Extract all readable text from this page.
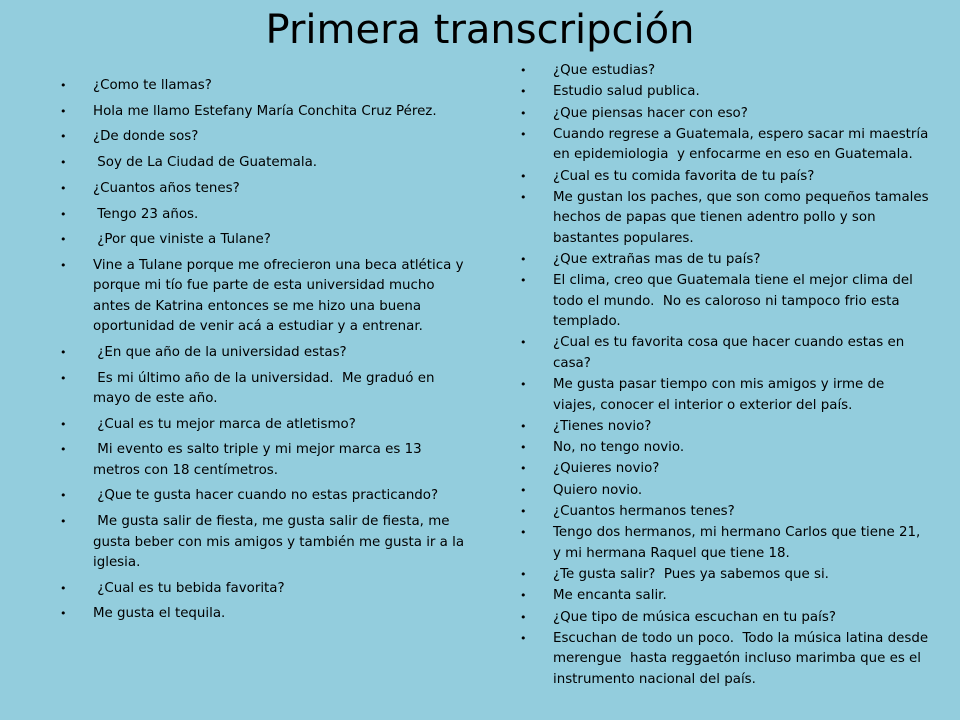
Primera transcripción
• ¿Como te llamas?
• Hola me llamo Estefany María Conchita Cruz Pérez.
• ¿De donde sos?
• Soy de La Ciudad de Guatemala.
• ¿Cuantos años tenes?
• Tengo 23 años.
• ¿Por que viniste a Tulane?
• Vine a Tulane porque me ofrecieron una beca atlética y porque mi tío fue parte de esta universidad mucho antes de Katrina entonces se me hizo una buena oportunidad de venir acá a estudiar y a entrenar.
• ¿En que año de la universidad estas?
• Es mi último año de la universidad.  Me graduó en mayo de este año.
• ¿Cual es tu mejor marca de atletismo?
• Mi evento es salto triple y mi mejor marca es 13 metros con 18 centímetros.
• ¿Que te gusta hacer cuando no estas practicando?
• Me gusta salir de fiesta, me gusta salir de fiesta, me gusta beber con mis amigos y también me gusta ir a la iglesia.
• ¿Cual es tu bebida favorita?
• Me gusta el tequila.
• ¿Que estudias?
• Estudio salud publica.
• ¿Que piensas hacer con eso?
• Cuando regrese a Guatemala, espero sacar mi maestría en epidemiologia  y enfocarme en eso en Guatemala.
• ¿Cual es tu comida favorita de tu país?
• Me gustan los paches, que son como pequeños tamales hechos de papas que tienen adentro pollo y son bastantes populares.
• ¿Que extrañas mas de tu país?
• El clima, creo que Guatemala tiene el mejor clima del todo el mundo.  No es caloroso ni tampoco frio esta templado.
• ¿Cual es tu favorita cosa que hacer cuando estas en casa?
• Me gusta pasar tiempo con mis amigos y irme de viajes, conocer el interior o exterior del país.
• ¿Tienes novio?
• No, no tengo novio.
• ¿Quieres novio?
• Quiero novio.
• ¿Cuantos hermanos tenes?
• Tengo dos hermanos, mi hermano Carlos que tiene 21, y mi hermana Raquel que tiene 18.
• ¿Te gusta salir?  Pues ya sabemos que si.
• Me encanta salir.
• ¿Que tipo de música escuchan en tu país?
• Escuchan de todo un poco.  Todo la música latina desde merengue  hasta reggaetón incluso marimba que es el instrumento nacional del país.
